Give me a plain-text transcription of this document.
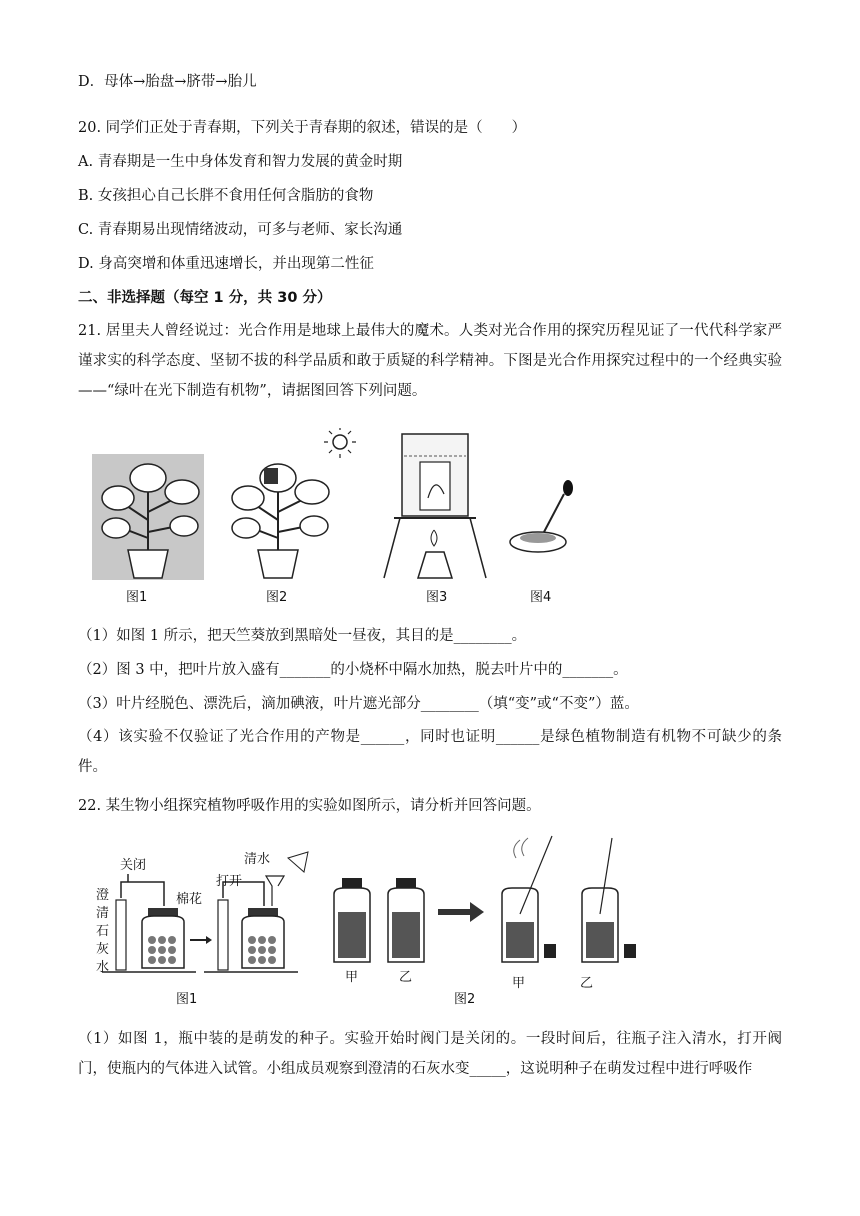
D．母体→胎盘→脐带→胎儿
20. 同学们正处于青春期，下列关于青春期的叙述，错误的是（　　）
A. 青春期是一生中身体发育和智力发展的黄金时期
B. 女孩担心自己长胖不食用任何含脂肪的食物
C. 青春期易出现情绪波动，可多与老师、家长沟通
D. 身高突增和体重迅速增长，并出现第二性征
二、非选择题（每空 1 分，共 30 分）
21. 居里夫人曾经说过：光合作用是地球上最伟大的魔术。人类对光合作用的探究历程见证了一代代科学家严谨求实的科学态度、坚韧不拔的科学品质和敢于质疑的科学精神。下图是光合作用探究过程中的一个经典实验——“绿叶在光下制造有机物”，请据图回答下列问题。
图1	图2	图3	图4
（1）如图 1 所示，把天竺葵放到黑暗处一昼夜，其目的是________。
（2）图 3 中，把叶片放入盛有_______的小烧杯中隔水加热，脱去叶片中的_______。
（3）叶片经脱色、漂洗后，滴加碘液，叶片遮光部分________（填“变”或“不变”）蓝。
（4）该实验不仅验证了光合作用的产物是______，同时也证明______是绿色植物制造有机物不可缺少的条件。
22. 某生物小组探究植物呼吸作用的实验如图所示，请分析并回答问题。
关闭
打开
棉花
清水
澄
清
石
灰
水
图1
甲	乙	甲	乙
图2
（1）如图 1，瓶中装的是萌发的种子。实验开始时阀门是关闭的。一段时间后，往瓶子注入清水，打开阀门，使瓶内的气体进入试管。小组成员观察到澄清的石灰水变_____，这说明种子在萌发过程中进行呼吸作
